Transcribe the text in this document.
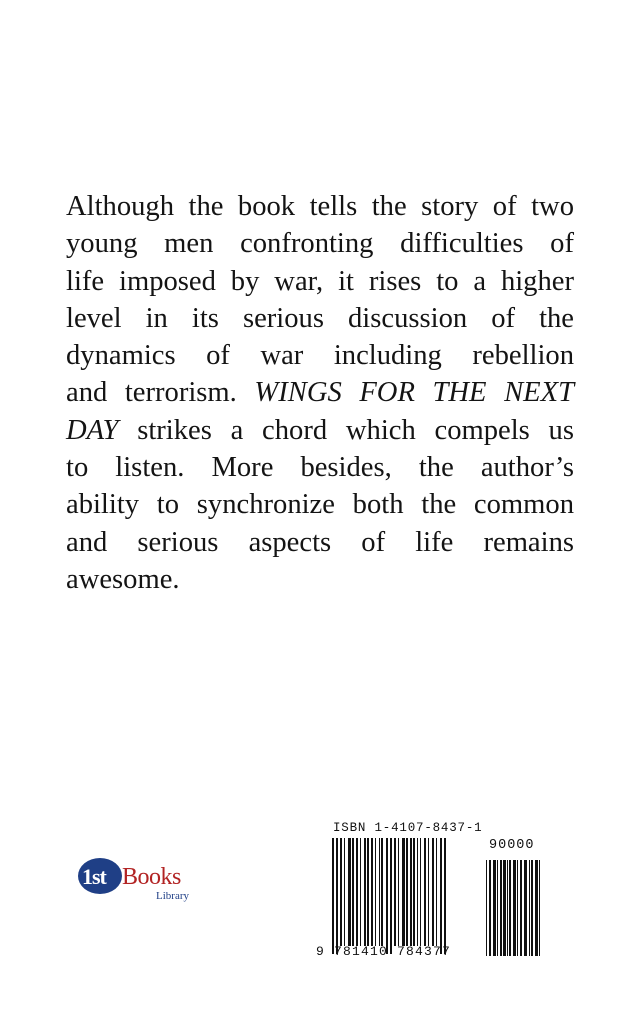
Although the book tells the story of two
young men confronting difficulties of
life imposed by war, it rises to a higher
level in its serious discussion of the
dynamics of war including rebellion
and terrorism. WINGS FOR THE NEXT
DAY strikes a chord which compels us
to listen. More besides, the author’s
ability to synchronize both the common
and serious aspects of life remains
awesome.
1st Books
Library
ISBN 1-4107-8437-1
9 781410 784377
90000
